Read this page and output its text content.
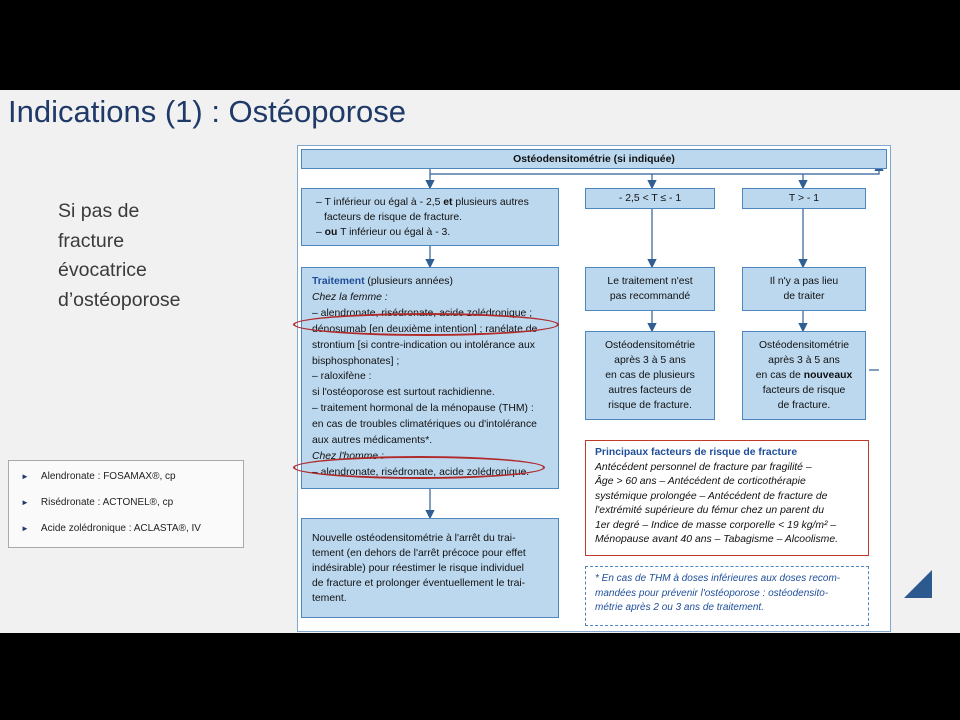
Indications (1) : Ostéoporose
Si pas de
fracture
évocatrice
d’ostéoporose
► Alendronate : FOSAMAX®, cp
► Risédronate : ACTONEL®, cp
► Acide zolédronique : ACLASTA®, IV
Ostéodensitométrie (si indiquée)
– T inférieur ou égal à - 2,5 et plusieurs autres
facteurs de risque de fracture.
– ou T inférieur ou égal à - 3.
- 2,5 < T ≤ - 1	T > - 1
Traitement (plusieurs années)
Chez la femme :
– alendronate, risédronate, acide zolédronique ;
dénosumab [en deuxième intention] ; ranélate de
strontium [si contre-indication ou intolérance aux
bisphosphonates] ;
– raloxifène :
si l'ostéoporose est surtout rachidienne.
– traitement hormonal de la ménopause (THM) :
en cas de troubles climatériques ou d'intolérance
aux autres médicaments*.
Chez l'homme :
– alendronate, risédronate, acide zolédronique.
Le traitement n'est
pas recommandé
Il n'y a pas lieu
de traiter
Ostéodensitométrie
après 3 à 5 ans
en cas de plusieurs
autres facteurs de
risque de fracture.
Ostéodensitométrie
après 3 à 5 ans
en cas de nouveaux
facteurs de risque
de fracture.
Nouvelle ostéodensitométrie à l'arrêt du trai-
tement (en dehors de l'arrêt précoce pour effet
indésirable) pour réestimer le risque individuel
de fracture et prolonger éventuellement le trai-
tement.
Principaux facteurs de risque de fracture
Antécédent personnel de fracture par fragilité –
Âge > 60 ans – Antécédent de corticothérapie
systémique prolongée – Antécédent de fracture de
l'extrémité supérieure du fémur chez un parent du
1er degré – Indice de masse corporelle < 19 kg/m² –
Ménopause avant 40 ans – Tabagisme – Alcoolisme.
* En cas de THM à doses inférieures aux doses recom-
mandées pour prévenir l'ostéoporose : ostéodensito-
métrie après 2 ou 3 ans de traitement.
